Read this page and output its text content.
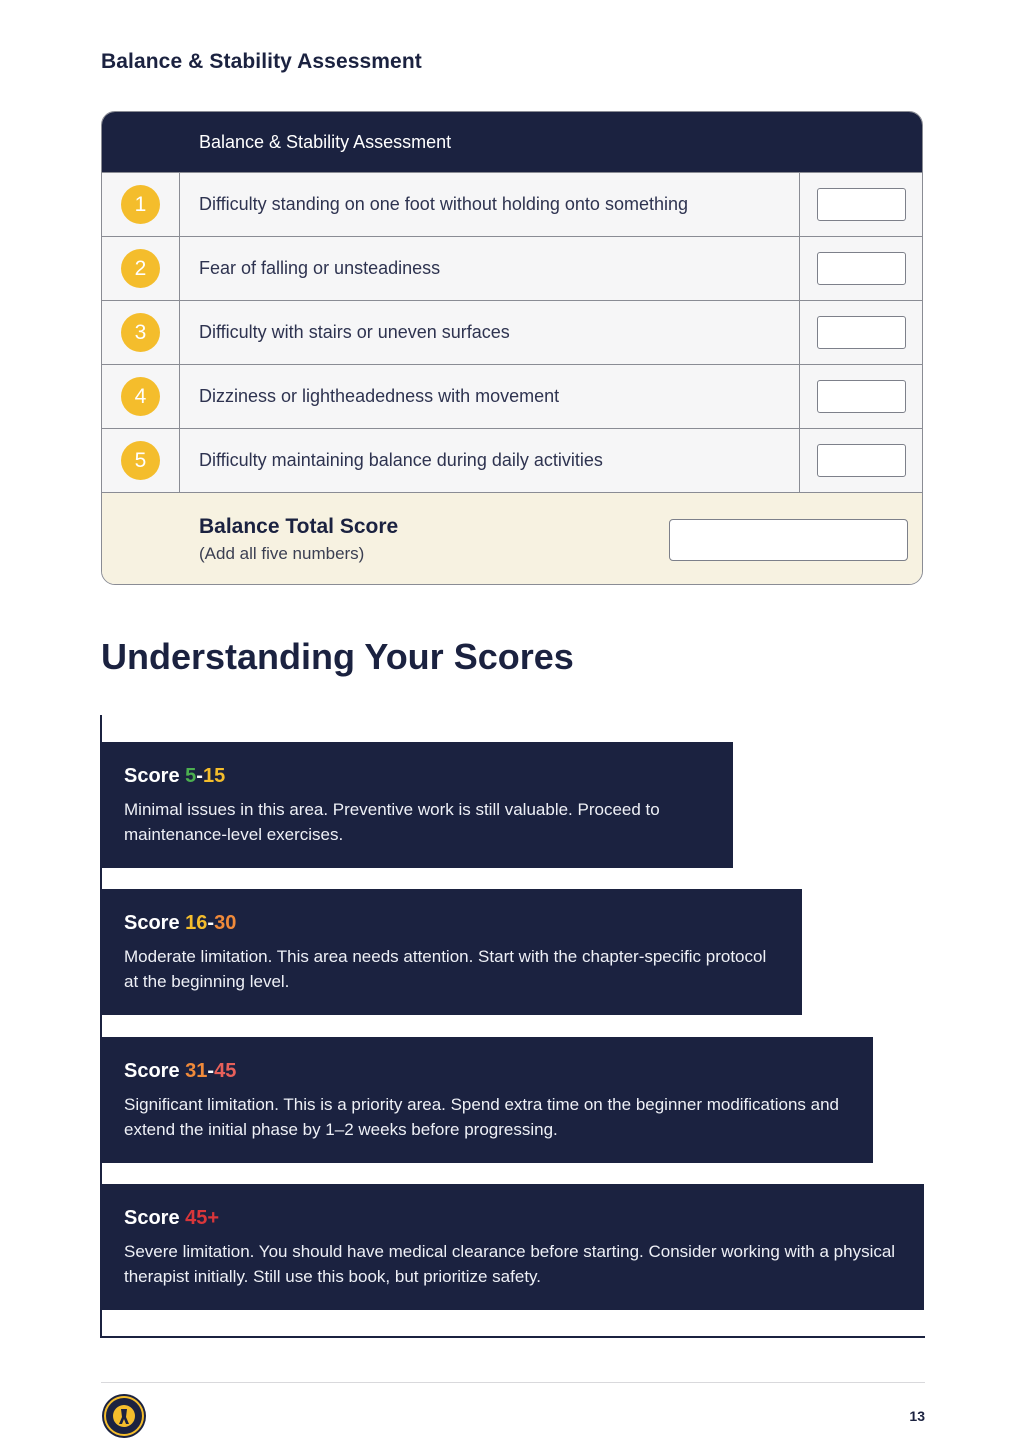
Balance & Stability Assessment
Balance & Stability Assessment
1	Difficulty standing on one foot without holding onto something
2	Fear of falling or unsteadiness
3	Difficulty with stairs or uneven surfaces
4	Dizziness or lightheadedness with movement
5	Difficulty maintaining balance during daily activities
Balance Total Score
(Add all five numbers)
Understanding Your Scores

Score 5-15

Minimal issues in this area. Preventive work is still valuable. Proceed to maintenance-level exercises.

Score 16-30

Moderate limitation. This area needs attention. Start with the chapter-specific protocol at the beginning level.

Score 31-45

Significant limitation. This is a priority area. Spend extra time on the beginner modifications and extend the initial phase by 1–2 weeks before progressing.

Score 45+

Severe limitation. You should have medical clearance before starting. Consider working with a physical therapist initially. Still use this book, but prioritize safety.

13
